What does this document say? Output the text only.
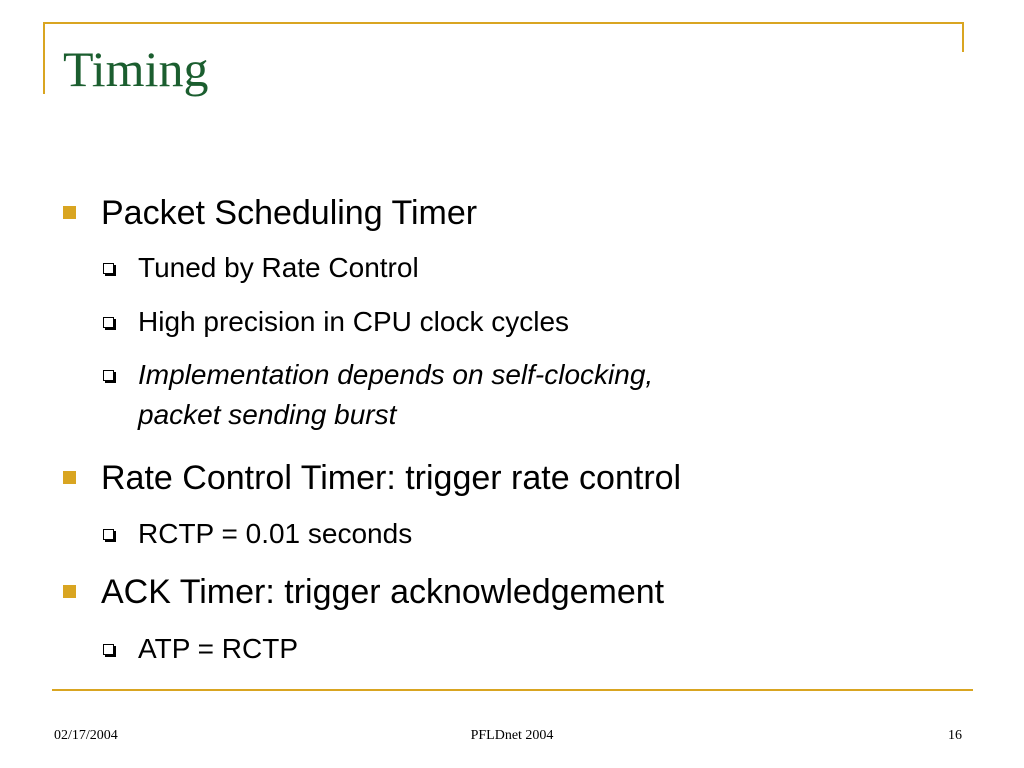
Timing
Packet Scheduling Timer
Tuned by Rate Control
High precision in CPU clock cycles
Implementation depends on self-clocking,
packet sending burst
Rate Control Timer: trigger rate control
RCTP = 0.01 seconds
ACK Timer: trigger acknowledgement
ATP = RCTP
02/17/2004	PFLDnet 2004	16
